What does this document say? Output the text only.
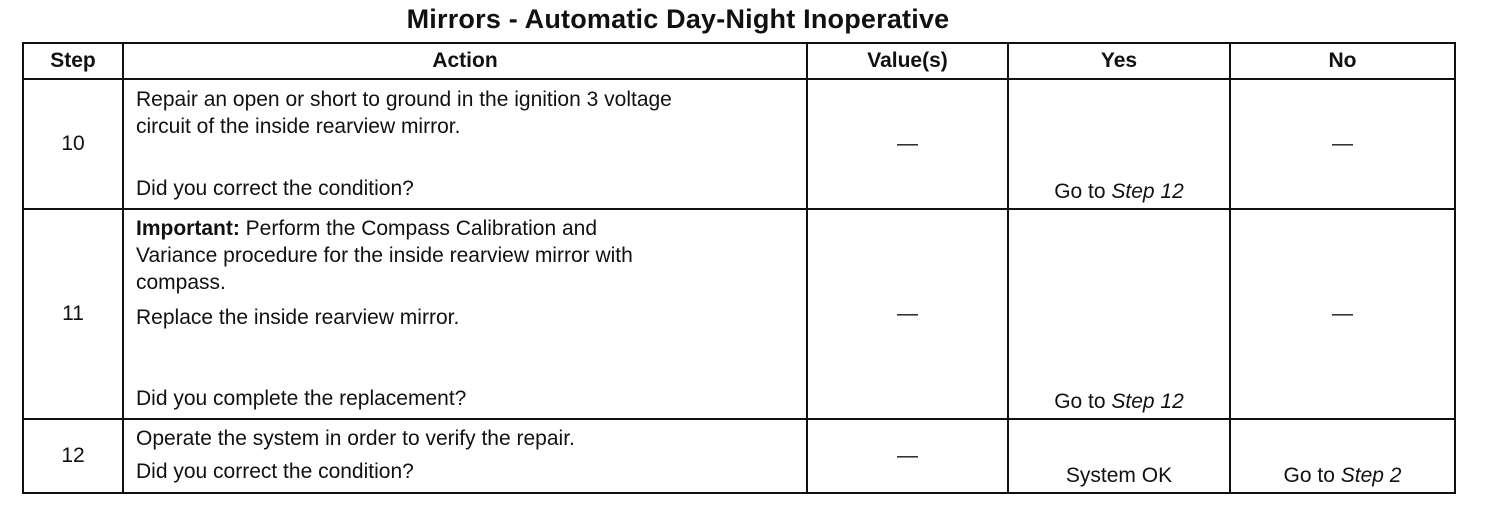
Mirrors - Automatic Day-Night Inoperative
Step	Action	Value(s)	Yes	No
10	Repair an open or short to ground in the ignition 3 voltage
circuit of the inside rearview mirror.
Did you correct the condition?	—	Go to Step 12	—
11	Important: Perform the Compass Calibration and
Variance procedure for the inside rearview mirror with
compass.
Replace the inside rearview mirror.
Did you complete the replacement?	—	Go to Step 12	—
12	Operate the system in order to verify the repair.
Did you correct the condition?	—	System OK	Go to Step 2
